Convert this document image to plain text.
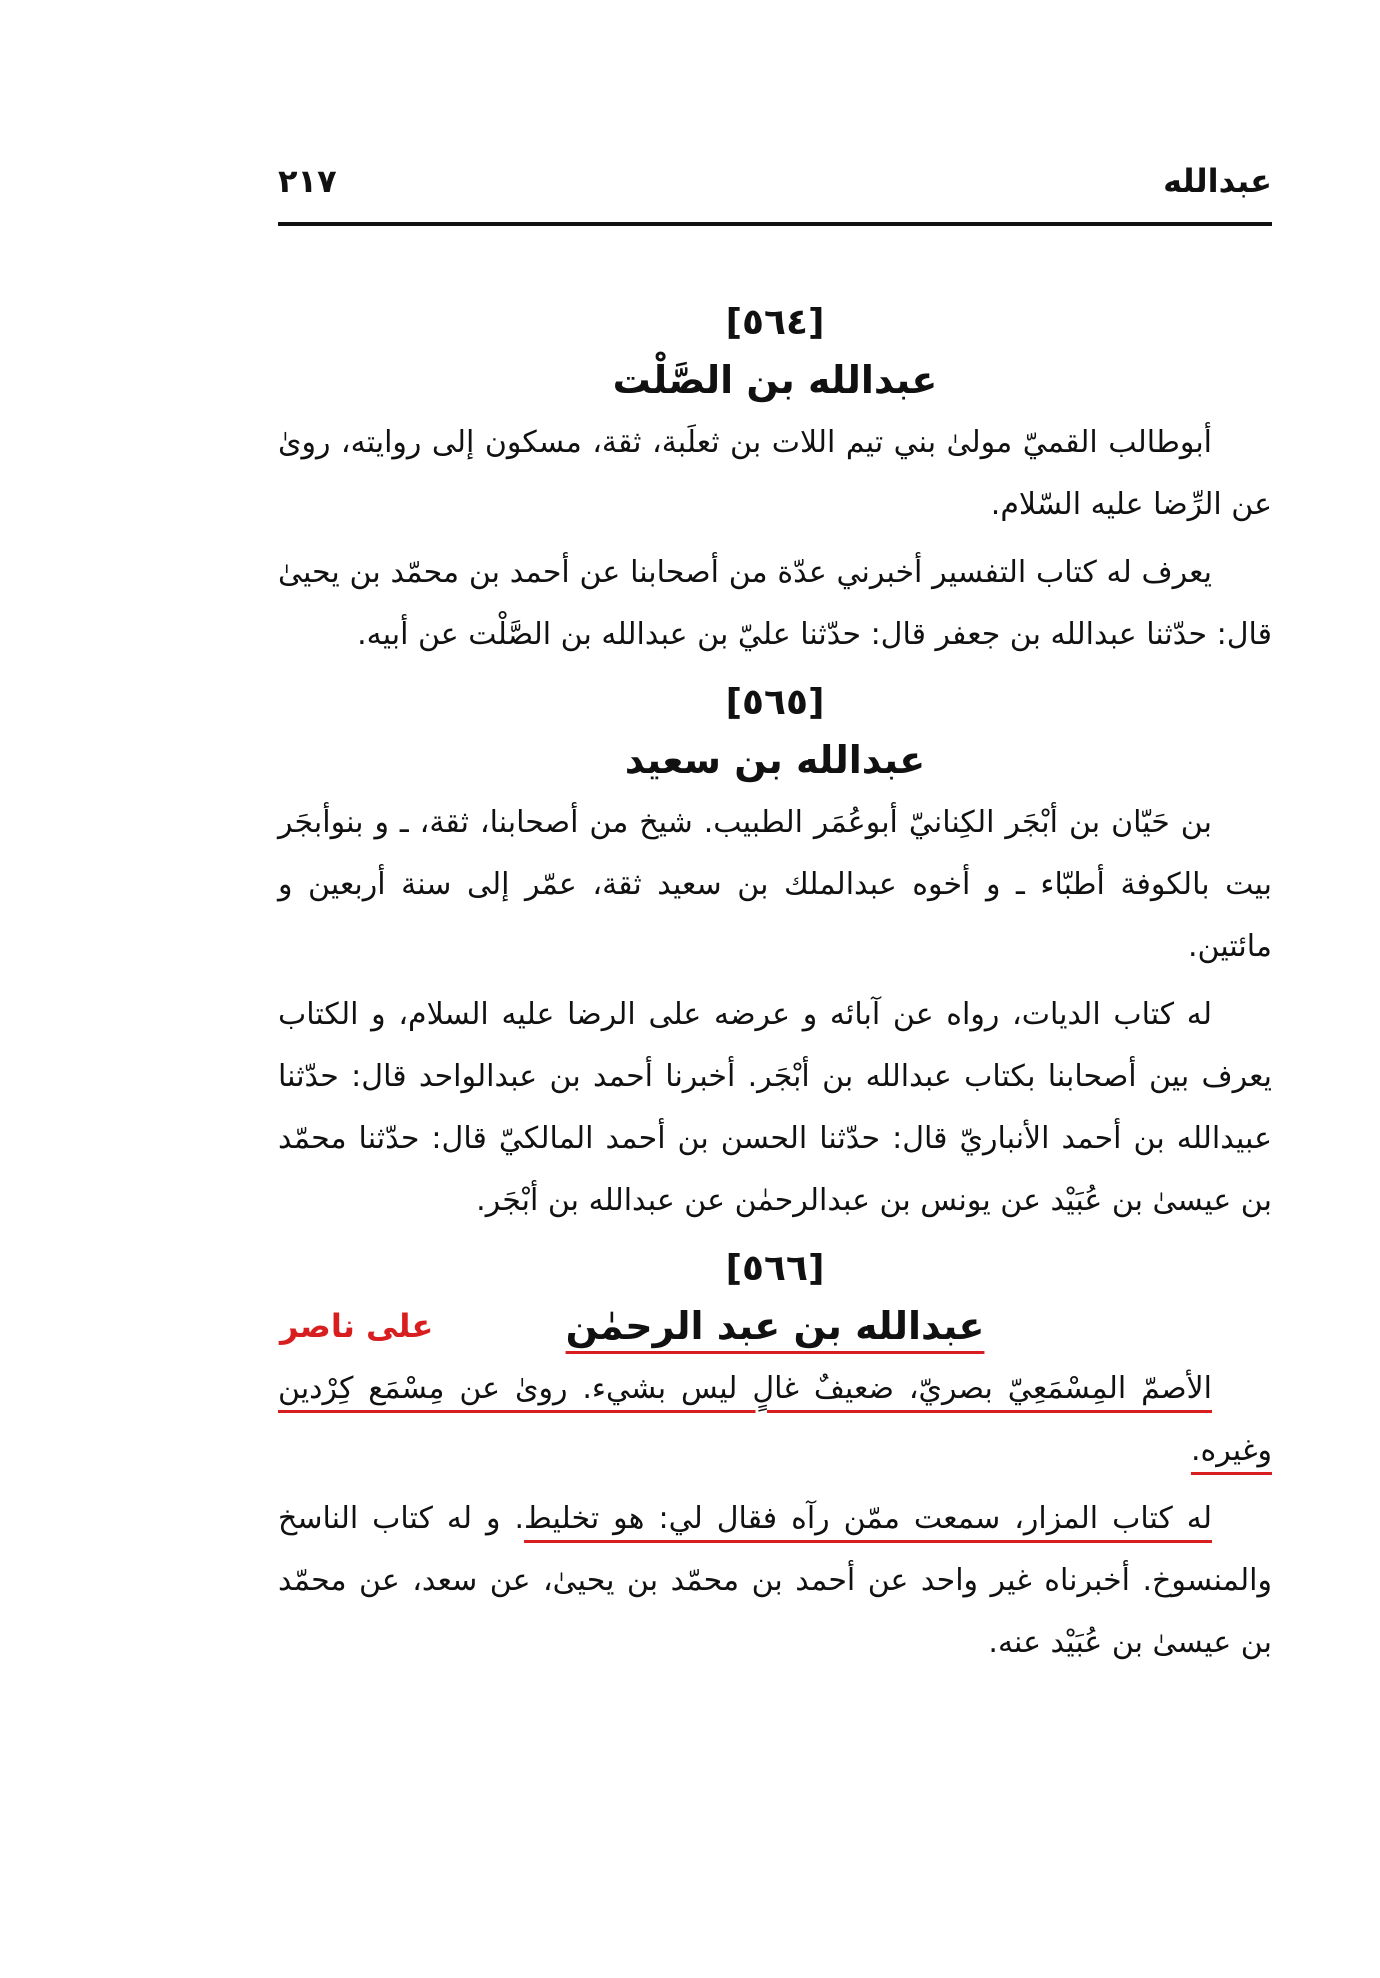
عبدالله
٢١٧
[٥٦٤]
عبدالله بن الصَّلْت

أبوطالب القميّ مولىٰ بني تيم اللات بن ثعلَبة، ثقة، مسكون إلى روايته، روىٰ عن الرِّضا عليه السّلام.

يعرف له كتاب التفسير أخبرني عدّة من أصحابنا عن أحمد بن محمّد بن يحيىٰ قال: حدّثنا عبدالله بن جعفر قال: حدّثنا عليّ بن عبدالله بن الصَّلْت عن أبيه.

[٥٦٥]
عبدالله بن سعيد

بن حَيّان بن أبْجَر الكِنانيّ أبوعُمَر الطبيب. شيخ من أصحابنا، ثقة، ـ و بنوأبجَر بيت بالكوفة أطبّاء ـ و أخوه عبدالملك بن سعيد ثقة، عمّر إلى سنة أربعين و مائتين.

له كتاب الديات، رواه عن آبائه و عرضه على الرضا عليه السلام، و الكتاب يعرف بين أصحابنا بكتاب عبدالله بن أبْجَر. أخبرنا أحمد بن عبدالواحد قال: حدّثنا عبيدالله بن أحمد الأنباريّ قال: حدّثنا الحسن بن أحمد المالكيّ قال: حدّثنا محمّد بن عيسىٰ بن عُبَيْد عن يونس بن عبدالرحمٰن عن عبدالله بن أبْجَر.

[٥٦٦]
عبدالله بن عبد الرحمٰن
على ناصر

الأصمّ المِسْمَعِيّ بصريّ، ضعيفٌ غالٍ ليس بشيء. روىٰ عن مِسْمَع كِرْدين وغيره.

له كتاب المزار، سمعت ممّن رآه فقال لي: هو تخليط. و له كتاب الناسخ والمنسوخ. أخبرناه غير واحد عن أحمد بن محمّد بن يحيىٰ، عن سعد، عن محمّد بن عيسىٰ بن عُبَيْد عنه.
